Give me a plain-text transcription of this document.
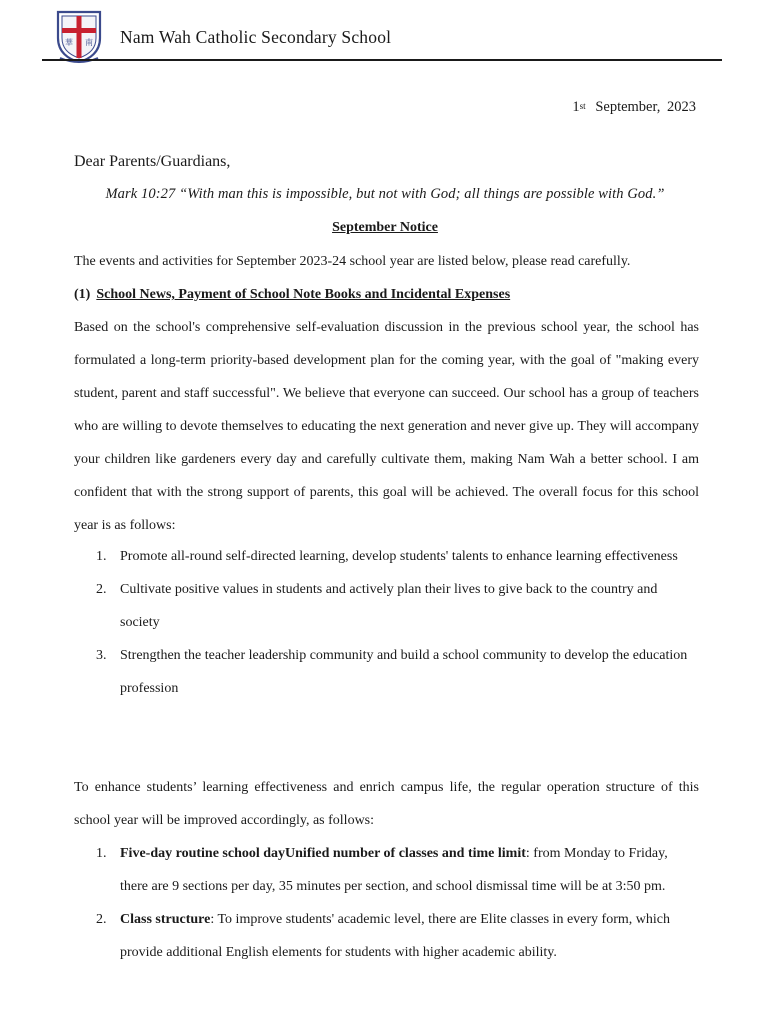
華 南 Nam Wah Catholic Secondary School
1st September, 2023
Dear Parents/Guardians,
Mark 10:27 “With man this is impossible, but not with God; all things are possible with God.”
September Notice
The events and activities for September 2023-24 school year are listed below, please read carefully.
(1) School News, Payment of School Note Books and Incidental Expenses
Based on the school's comprehensive self-evaluation discussion in the previous school year, the school has formulated a long-term priority-based development plan for the coming year, with the goal of "making every student, parent and staff successful". We believe that everyone can succeed. Our school has a group of teachers who are willing to devote themselves to educating the next generation and never give up. They will accompany your children like gardeners every day and carefully cultivate them, making Nam Wah a better school. I am confident that with the strong support of parents, this goal will be achieved. The overall focus for this school year is as follows:
1. Promote all-round self-directed learning, develop students' talents to enhance learning effectiveness
2. Cultivate positive values in students and actively plan their lives to give back to the country and society
3. Strengthen the teacher leadership community and build a school community to develop the education profession
To enhance students’ learning effectiveness and enrich campus life, the regular operation structure of this school year will be improved accordingly, as follows:
1. Five-day routine school dayUnified number of classes and time limit: from Monday to Friday, there are 9 sections per day, 35 minutes per section, and school dismissal time will be at 3:50 pm.
2. Class structure: To improve students' academic level, there are Elite classes in every form, which provide additional English elements for students with higher academic ability.
